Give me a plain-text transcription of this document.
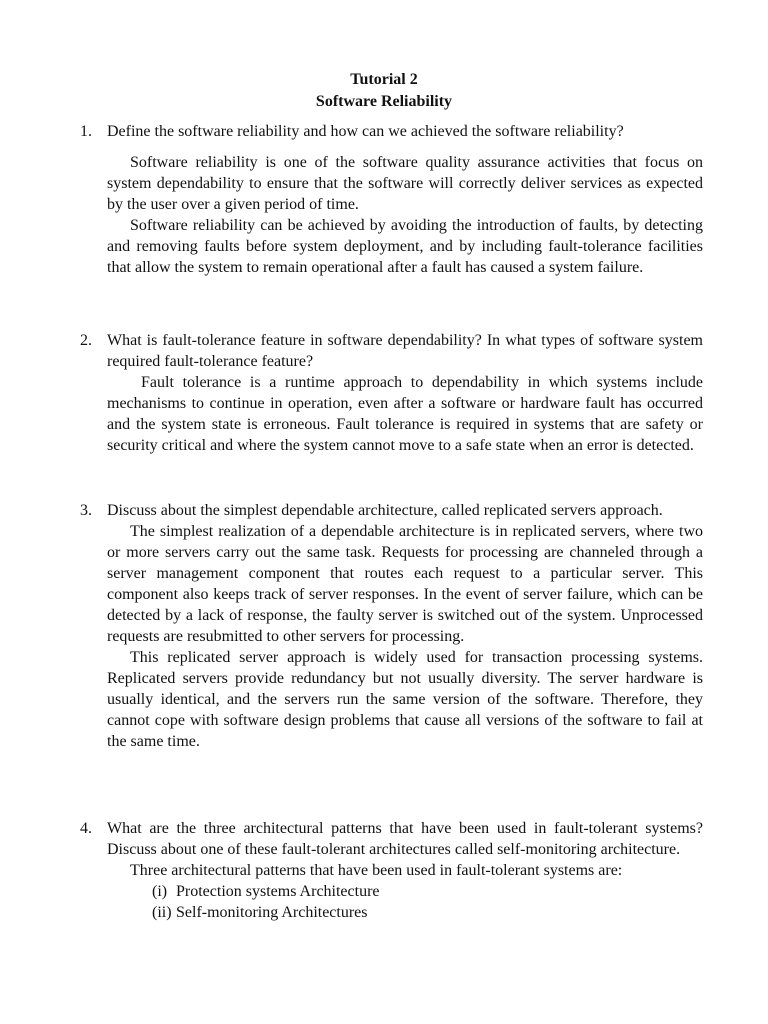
Tutorial 2
Software Reliability
1. Define the software reliability and how can we achieved the software reliability?

Software reliability is one of the software quality assurance activities that focus on system dependability to ensure that the software will correctly deliver services as expected by the user over a given period of time.

Software reliability can be achieved by avoiding the introduction of faults, by detecting and removing faults before system deployment, and by including fault-tolerance facilities that allow the system to remain operational after a fault has caused a system failure.

2. What is fault-tolerance feature in software dependability? In what types of software system required fault-tolerance feature?

Fault tolerance is a runtime approach to dependability in which systems include mechanisms to continue in operation, even after a software or hardware fault has occurred and the system state is erroneous. Fault tolerance is required in systems that are safety or security critical and where the system cannot move to a safe state when an error is detected.

3. Discuss about the simplest dependable architecture, called replicated servers approach.

The simplest realization of a dependable architecture is in replicated servers, where two or more servers carry out the same task. Requests for processing are channeled through a server management component that routes each request to a particular server. This component also keeps track of server responses. In the event of server failure, which can be detected by a lack of response, the faulty server is switched out of the system. Unprocessed requests are resubmitted to other servers for processing.

This replicated server approach is widely used for transaction processing systems. Replicated servers provide redundancy but not usually diversity. The server hardware is usually identical, and the servers run the same version of the software. Therefore, they cannot cope with software design problems that cause all versions of the software to fail at the same time.

4. What are the three architectural patterns that have been used in fault-tolerant systems? Discuss about one of these fault-tolerant architectures called self-monitoring architecture.

Three architectural patterns that have been used in fault-tolerant systems are:

(i) Protection systems Architecture
(ii) Self-monitoring Architectures
